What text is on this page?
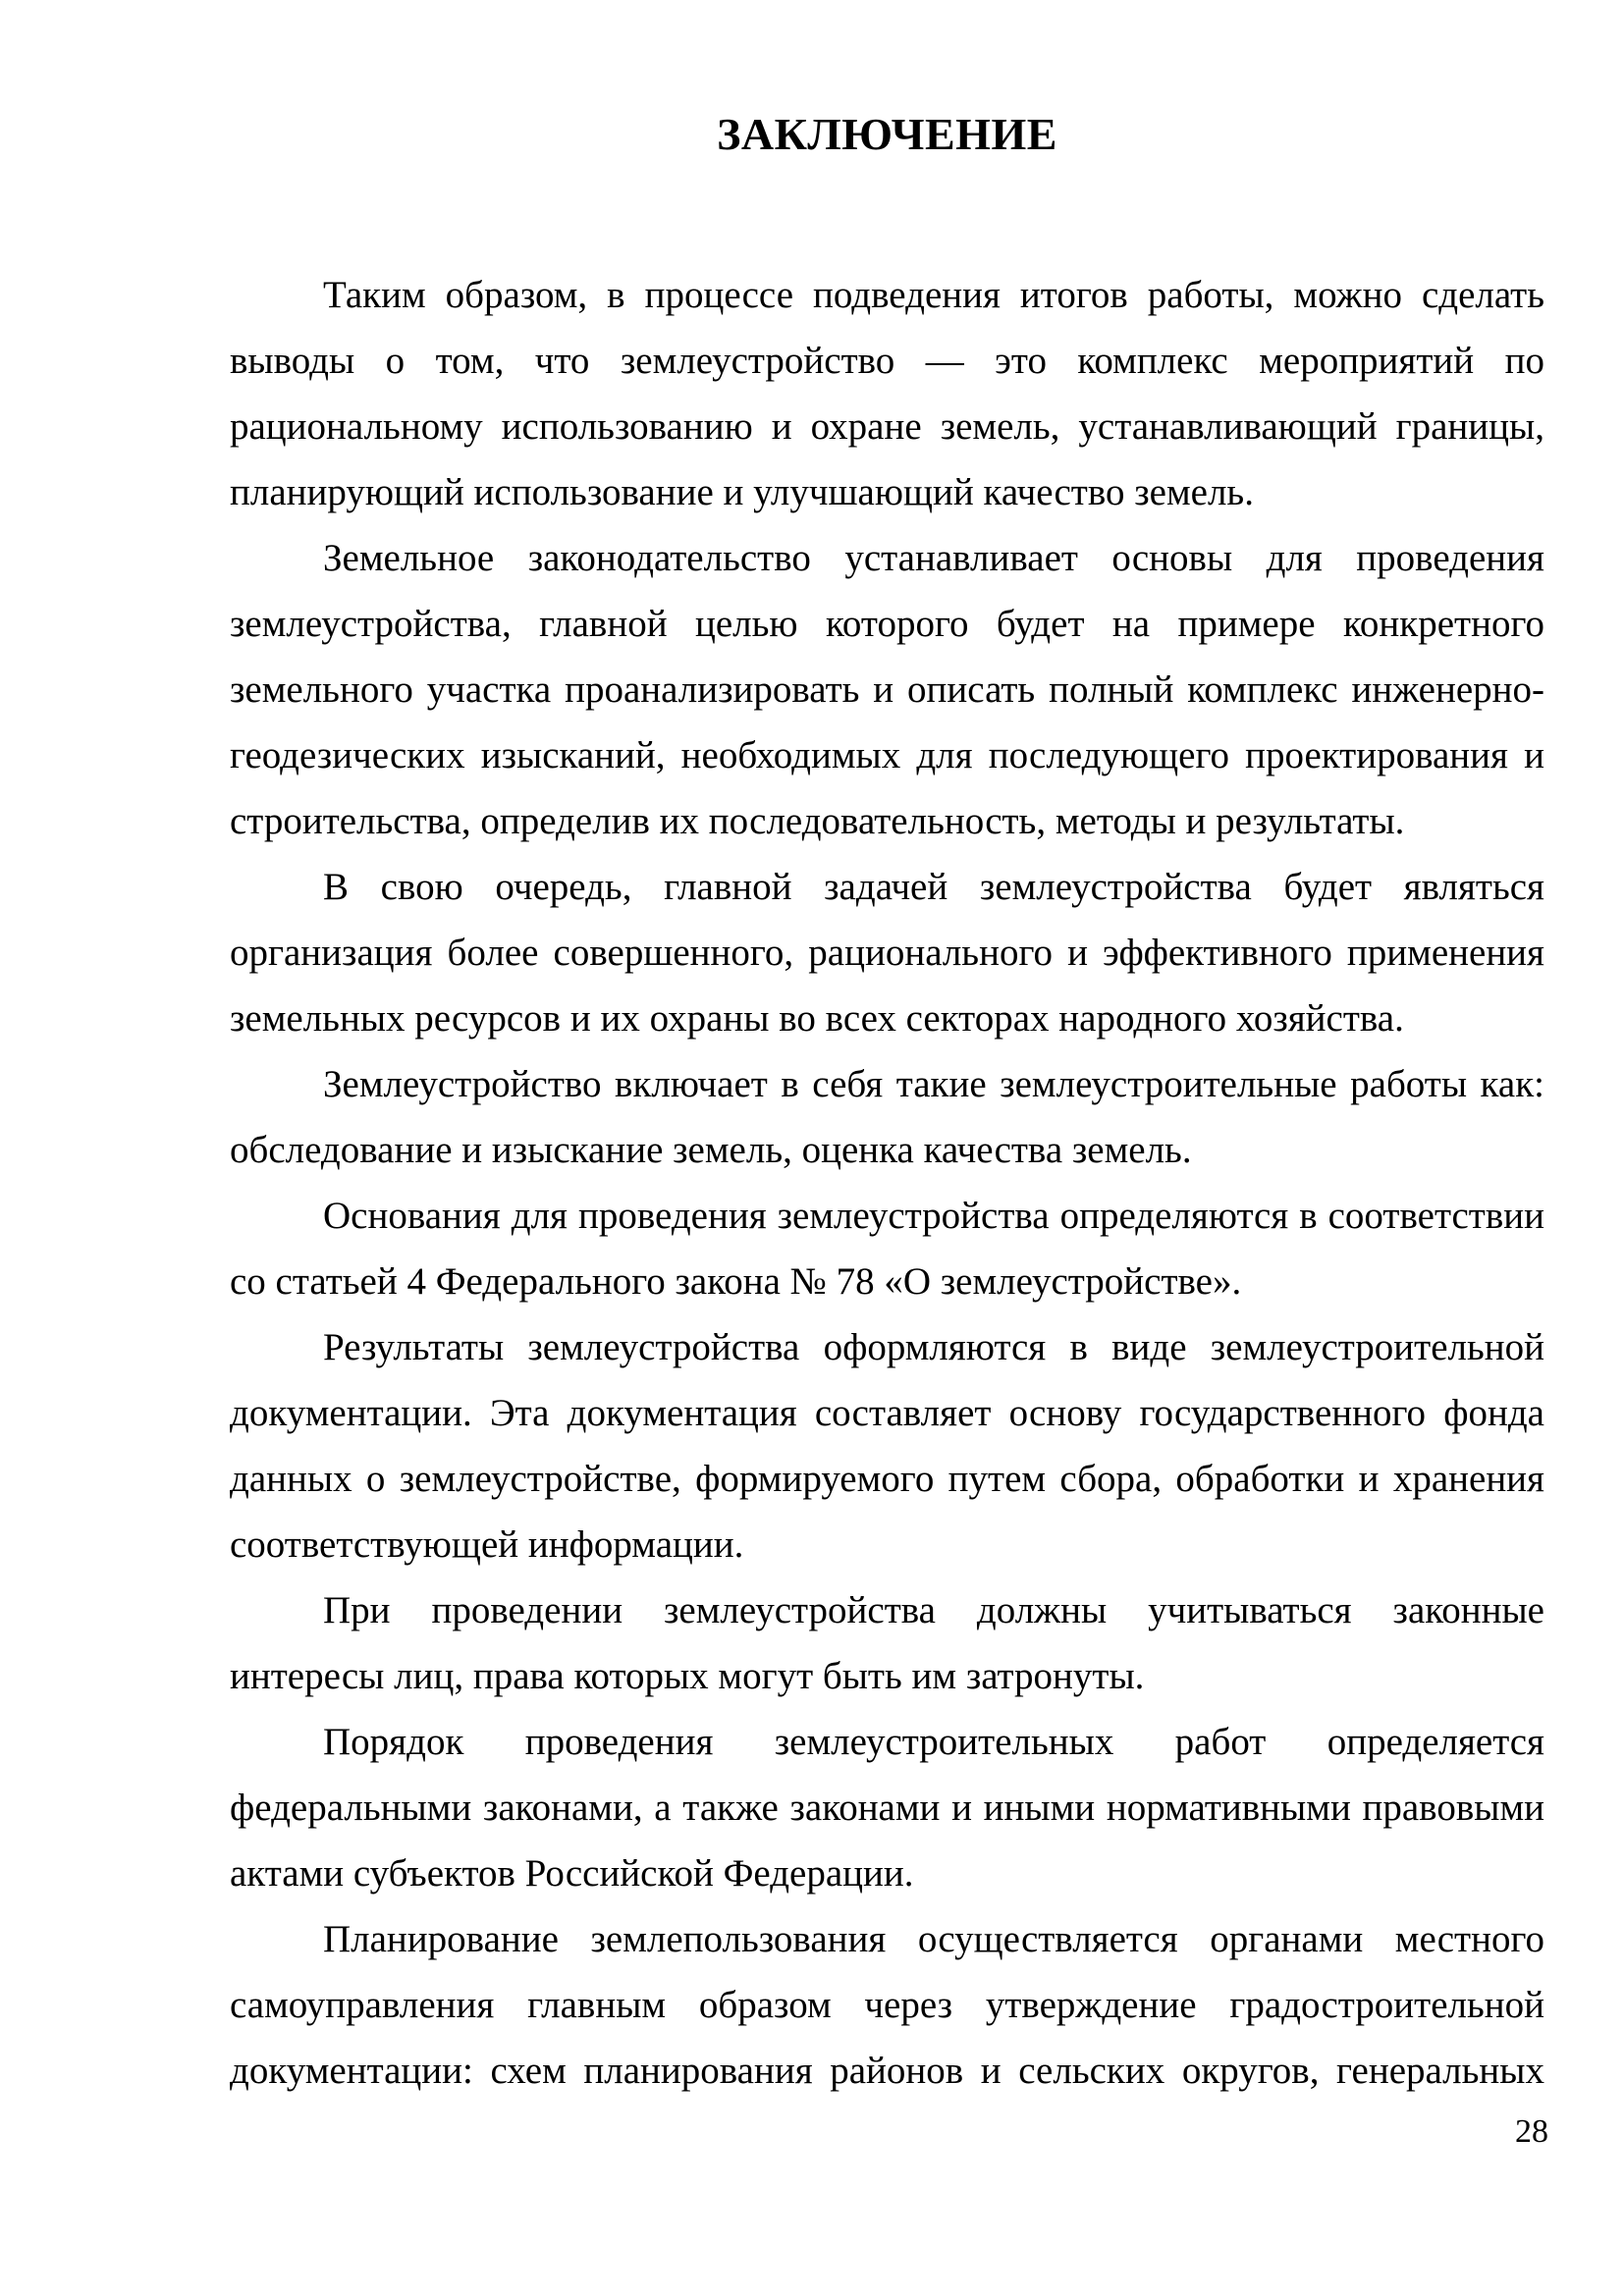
ЗАКЛЮЧЕНИЕ
Таким образом, в процессе подведения итогов работы, можно сделать
выводы о том, что землеустройство — это комплекс мероприятий по
рациональному использованию и охране земель, устанавливающий границы,
планирующий использование и улучшающий качество земель.
Земельное законодательство устанавливает основы для проведения
землеустройства, главной целью которого будет на примере конкретного
земельного участка проанализировать и описать полный комплекс инженерно-
геодезических изысканий, необходимых для последующего проектирования и
строительства, определив их последовательность, методы и результаты.
В свою очередь, главной задачей землеустройства будет являться
организация более совершенного, рационального и эффективного применения
земельных ресурсов и их охраны во всех секторах народного хозяйства.
Землеустройство включает в себя такие землеустроительные работы как:
обследование и изыскание земель, оценка качества земель.
Основания для проведения землеустройства определяются в соответствии
со статьей 4 Федерального закона № 78 «О землеустройстве».
Результаты землеустройства оформляются в виде землеустроительной
документации. Эта документация составляет основу государственного фонда
данных о землеустройстве, формируемого путем сбора, обработки и хранения
соответствующей информации.
При проведении землеустройства должны учитываться законные
интересы лиц, права которых могут быть им затронуты.
Порядок проведения землеустроительных работ определяется
федеральными законами, а также законами и иными нормативными правовыми
актами субъектов Российской Федерации.
Планирование землепользования осуществляется органами местного
самоуправления главным образом через утверждение градостроительной
документации: схем планирования районов и сельских округов, генеральных
28
